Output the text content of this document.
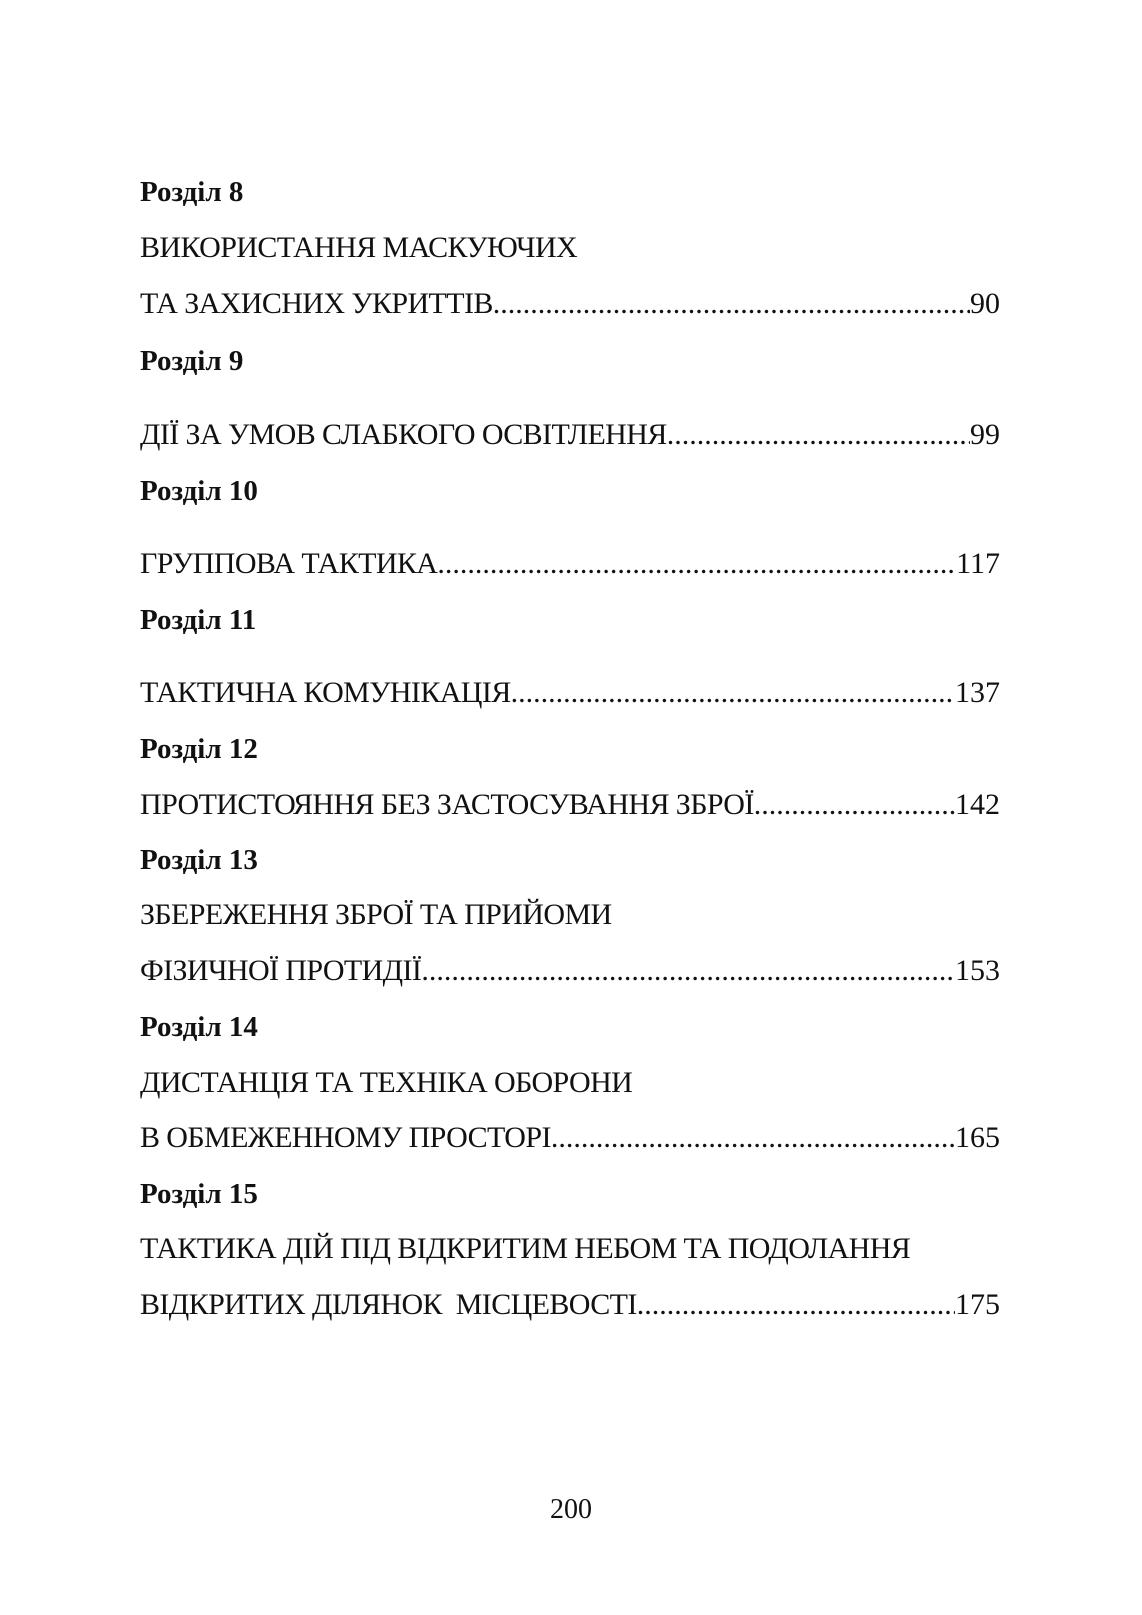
Розділ 8
ВИКОРИСТАННЯ МАСКУЮЧИХ
ТА ЗАХИСНИХ УКРИТТІВ .....	90
Розділ 9
ДІЇ ЗА УМОВ СЛАБКОГО ОСВІТЛЕННЯ .....	99
Розділ 10
ГРУППОВА ТАКТИКА .....	117
Розділ 11
ТАКТИЧНА КОМУНІКАЦІЯ .....	137
Розділ 12
ПРОТИСТОЯННЯ БЕЗ ЗАСТОСУВАННЯ ЗБРОЇ .....	142
Розділ 13
ЗБЕРЕЖЕННЯ ЗБРОЇ ТА ПРИЙОМИ
ФІЗИЧНОЇ ПРОТИДІЇ .....	153
Розділ 14
ДИСТАНЦІЯ ТА ТЕХНІКА ОБОРОНИ
В ОБМЕЖЕННОМУ ПРОСТОРІ .....	165
Розділ 15
ТАКТИКА ДІЙ ПІД ВІДКРИТИМ НЕБОМ ТА ПОДОЛАННЯ
ВІДКРИТИХ ДІЛЯНОК  МІСЦЕВОСТІ .....	175
200
